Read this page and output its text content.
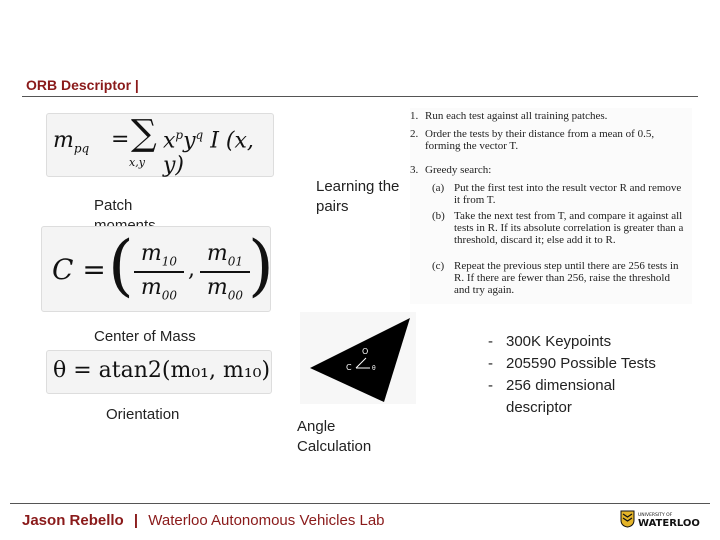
ORB Descriptor |
$m_{pq}$ = ∑
x,y
$x^py^q$ I (x, y)
Patch
C = ( $m_{10}$
$m_{00}$
,
$m_{01}$
$m_{00}$ )
Center of Mass
θ = atan2(m₀₁, m₁₀)
Orientation
Learning the pairs
C
O
θ
Angle Calculation
1. Run each test against all training patches.
2. Order the tests by their distance from a mean of 0.5, forming the vector T.
3. Greedy search:
(a) Put the first test into the result vector R and remove it from T.
(b) Take the next test from T, and compare it against all tests in R. If its absolute correlation is greater than a threshold, discard it; else add it to R.
(c) Repeat the previous step until there are 256 tests in R. If there are fewer than 256, raise the threshold and try again.
- 300K Keypoints
- 205590 Possible Tests
- 256 dimensional descriptor
Jason Rebello | Waterloo Autonomous Vehicles Lab	UNIVERSITY OF
WATERLOO
